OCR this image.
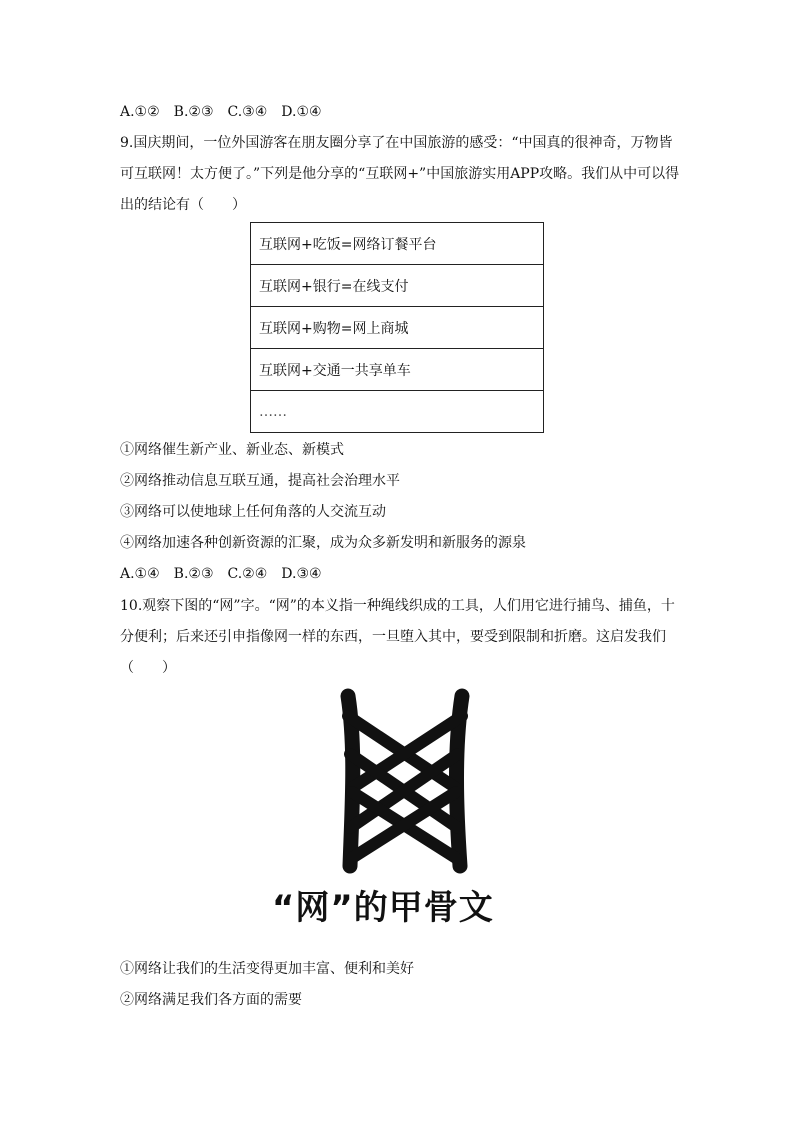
A.①②　B.②③　C.③④　D.①④
9.国庆期间，一位外国游客在朋友圈分享了在中国旅游的感受：“中国真的很神奇，万物皆可互联网！太方便了。”下列是他分享的“互联网+”中国旅游实用APP攻略。我们从中可以得出的结论有（　　）
互联网+吃饭=网络订餐平台
互联网+银行=在线支付
互联网+购物=网上商城
互联网+交通一共享单车
……
①网络催生新产业、新业态、新模式
②网络推动信息互联互通，提高社会治理水平
③网络可以使地球上任何角落的人交流互动
④网络加速各种创新资源的汇聚，成为众多新发明和新服务的源泉
A.①④　B.②③　C.②④　D.③④
10.观察下图的“网”字。“网”的本义指一种绳线织成的工具，人们用它进行捕鸟、捕鱼，十分便利；后来还引申指像网一样的东西，一旦堕入其中，要受到限制和折磨。这启发我们（　　）
“网”的甲骨文
①网络让我们的生活变得更加丰富、便利和美好
②网络满足我们各方面的需要
